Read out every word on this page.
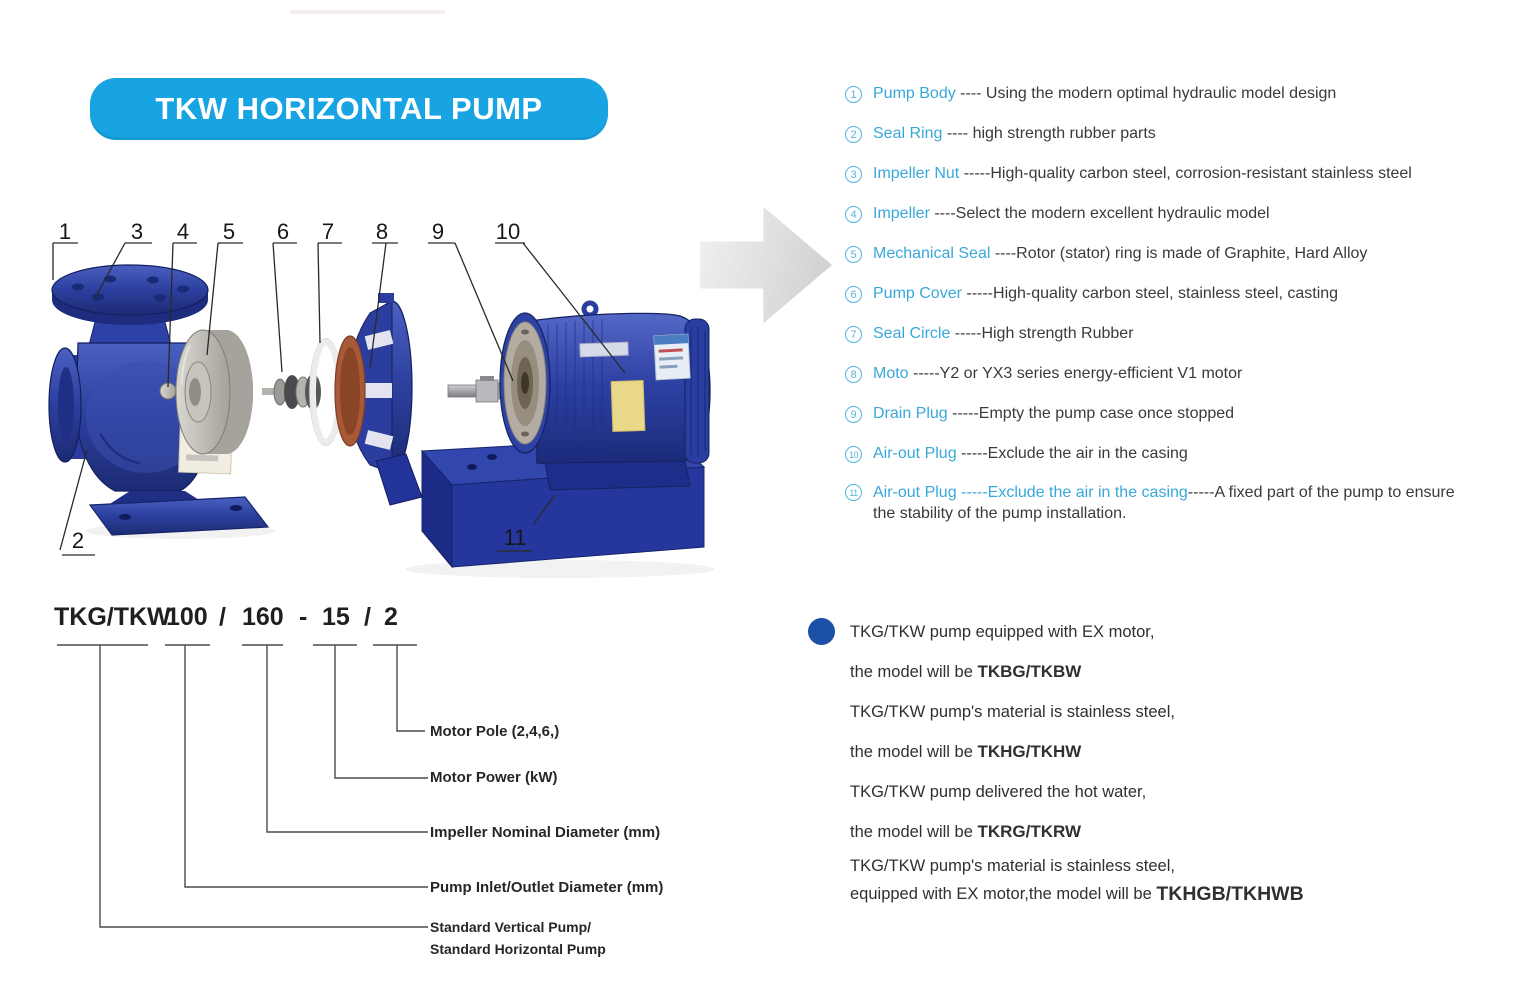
TKW HORIZONTAL PUMP
1
2
3 4 5 6 7 8 9 10
11
1	Pump Body ---- Using the modern optimal hydraulic model design
2	Seal Ring ---- high strength rubber parts
3	Impeller Nut -----High-quality carbon steel, corrosion-resistant stainless steel
4	Impeller ----Select the modern excellent hydraulic model
5	Mechanical Seal ----Rotor (stator) ring is made of Graphite, Hard Alloy
6	Pump Cover -----High-quality carbon steel, stainless steel, casting
7	Seal Circle -----High strength Rubber
8	Moto -----Y2 or YX3 series energy-efficient V1 motor
9	Drain Plug -----Empty the pump case once stopped
10 Air-out Plug -----Exclude the air in the casing
11 Air-out Plug -----Exclude the air in the casing-----A fixed part of the pump to ensure the stability of the pump installation.
TKG/TKW
100 / 160 - 15 / 2
Motor Pole (2,4,6,)
Motor Power (kW)
Impeller Nominal Diameter (mm)
Pump Inlet/Outlet Diameter (mm)
Standard Vertical Pump/
Standard Horizontal Pump
TKG/TKW pump equipped with EX motor,
the model will be TKBG/TKBW
TKG/TKW pump's material is stainless steel,
the model will be TKHG/TKHW
TKG/TKW pump delivered the hot water,
the model will be TKRG/TKRW
TKG/TKW pump's material is stainless steel,
equipped with EX motor,the model will be TKHGB/TKHWB
